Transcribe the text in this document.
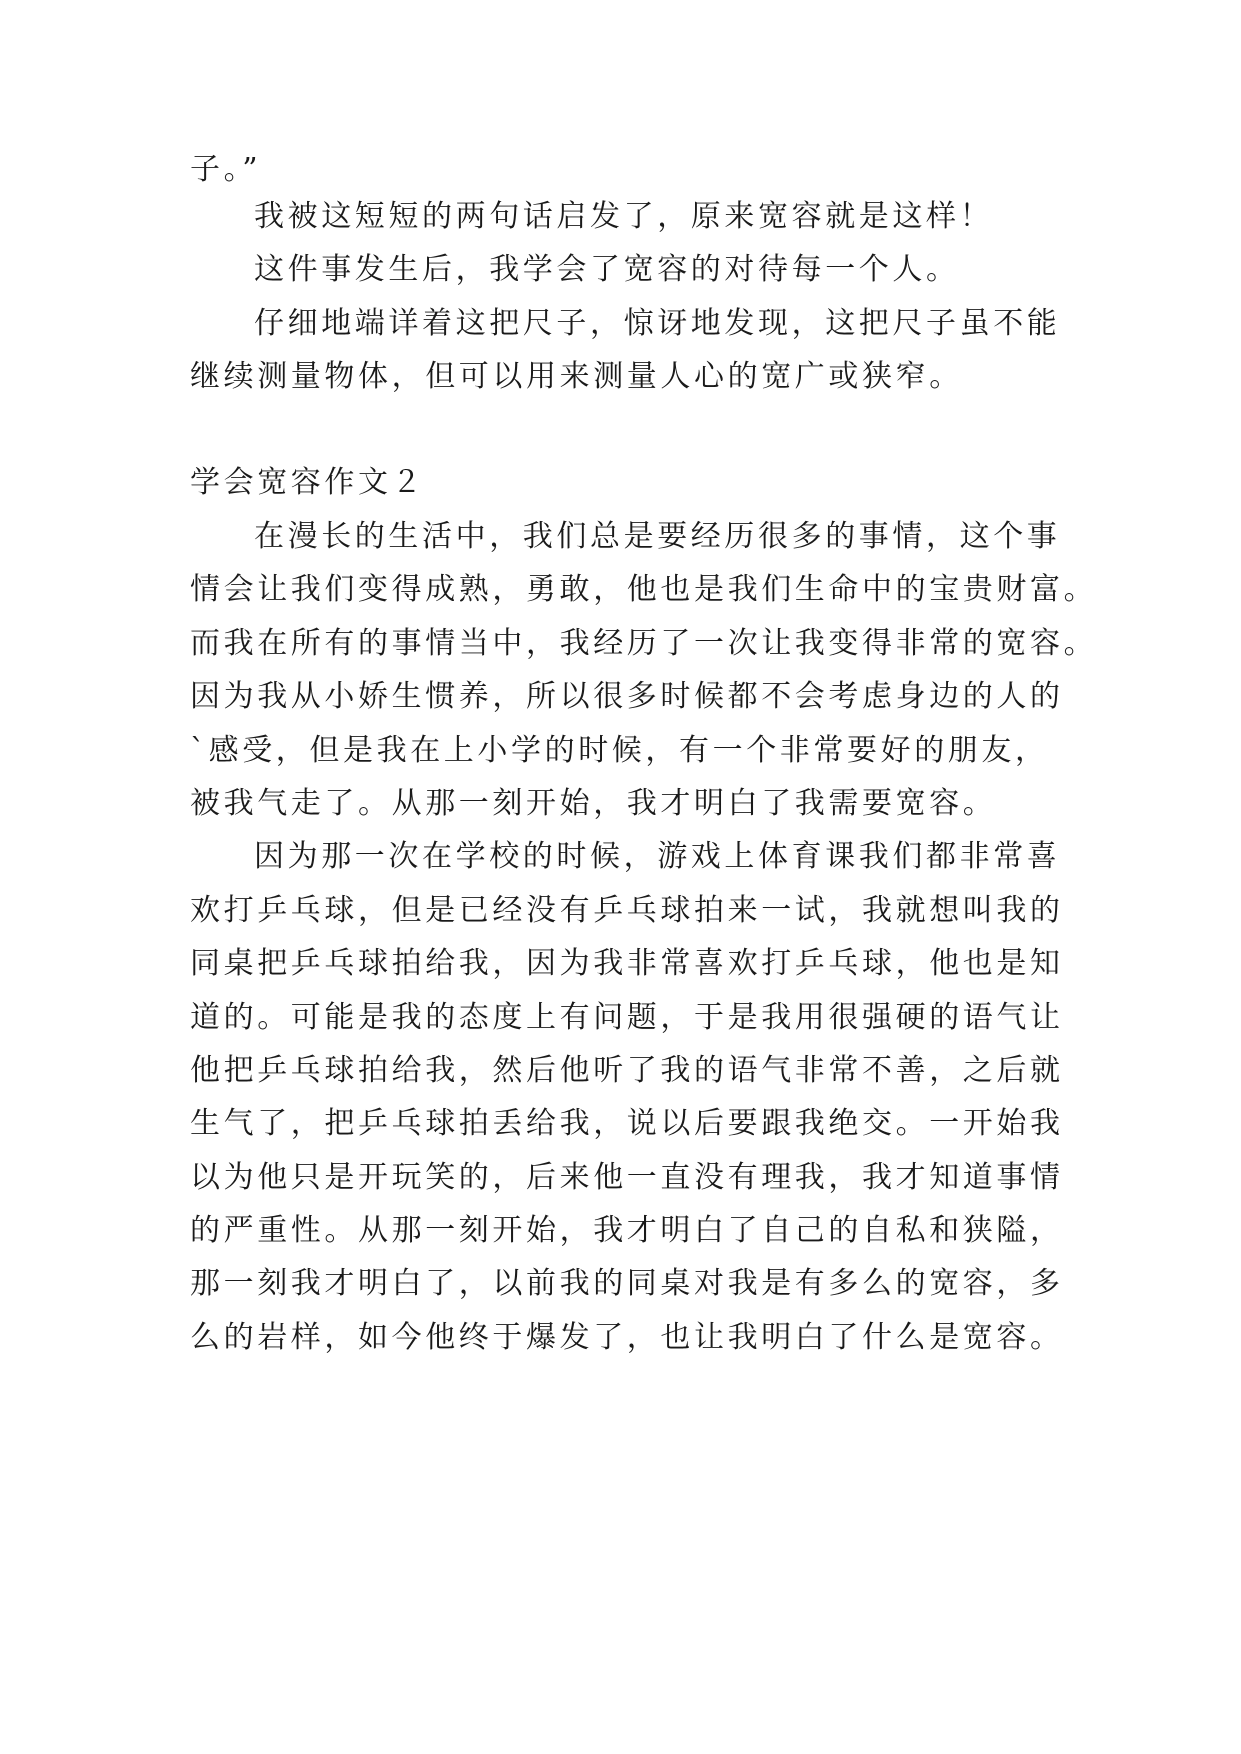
子。”

我被这短短的两句话启发了，原来宽容就是这样！

这件事发生后，我学会了宽容的对待每一个人。

仔细地端详着这把尺子，惊讶地发现，这把尺子虽不能

继续测量物体，但可以用来测量人心的宽广或狭窄。

学会宽容作文２

在漫长的生活中，我们总是要经历很多的事情，这个事

情会让我们变得成熟，勇敢，他也是我们生命中的宝贵财富。

而我在所有的事情当中，我经历了一次让我变得非常的宽容。

因为我从小娇生惯养，所以很多时候都不会考虑身边的人的

`感受，但是我在上小学的时候，有一个非常要好的朋友，

被我气走了。从那一刻开始，我才明白了我需要宽容。

因为那一次在学校的时候，游戏上体育课我们都非常喜

欢打乒乓球，但是已经没有乒乓球拍来一试，我就想叫我的

同桌把乒乓球拍给我，因为我非常喜欢打乒乓球，他也是知

道的。可能是我的态度上有问题，于是我用很强硬的语气让

他把乒乓球拍给我，然后他听了我的语气非常不善，之后就

生气了，把乒乓球拍丢给我，说以后要跟我绝交。一开始我

以为他只是开玩笑的，后来他一直没有理我，我才知道事情

的严重性。从那一刻开始，我才明白了自己的自私和狭隘，

那一刻我才明白了，以前我的同桌对我是有多么的宽容，多

么的岩样，如今他终于爆发了，也让我明白了什么是宽容。
